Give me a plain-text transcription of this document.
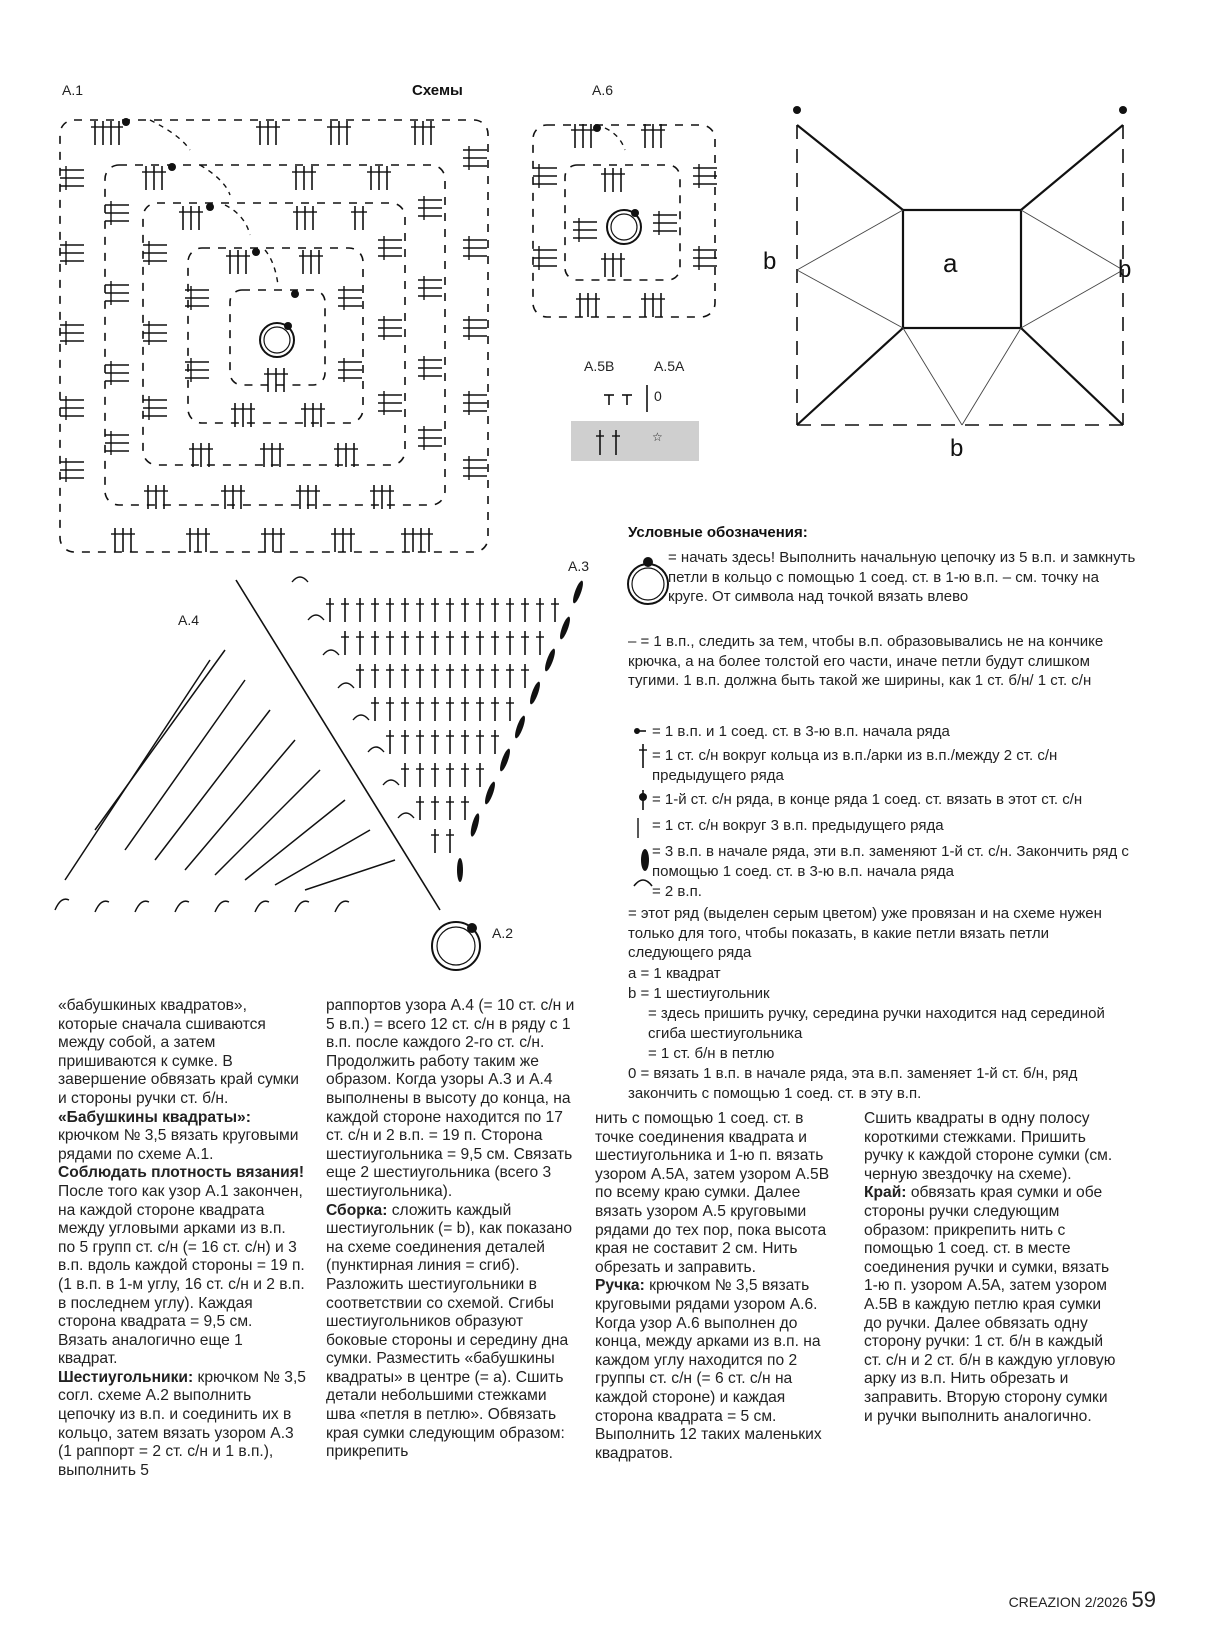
A.1	Схемы	A.6
A.5B	A.5A
0
☆
b	a	b
b
A.3
A.4
A.2
Условные обозначения:
= начать здесь! Выполнить начальную цепочку из 5 в.п. и замкнуть петли в кольцо с помощью 1 соед. ст. в 1-ю в.п. – см. точку на круге. От символа над точкой вязать влево
– = 1 в.п., следить за тем, чтобы в.п. образовывались не на кончике крючка, а на более толстой его части, иначе петли будут слишком тугими. 1 в.п. должна быть такой же ширины, как 1 ст. б/н/ 1 ст. с/н
= 1 в.п. и 1 соед. ст. в 3-ю в.п. начала ряда
= 1 ст. с/н вокруг кольца из в.п./арки из в.п./между 2 ст. с/н предыдущего ряда
= 1-й ст. с/н ряда, в конце ряда 1 соед. ст. вязать в этот ст. с/н
= 1 ст. с/н вокруг 3 в.п. предыдущего ряда
= 3 в.п. в начале ряда, эти в.п. заменяют 1-й ст. с/н. Закончить ряд с помощью 1 соед. ст. в 3-ю в.п. начала ряда
= 2 в.п.
= этот ряд (выделен серым цветом) уже провязан и на схеме нужен только для того, чтобы показать, в какие петли вязать петли следующего ряда
a = 1 квадрат
b = 1 шестиугольник
= здесь пришить ручку, середина ручки находится над серединой сгиба шестиугольника
= 1 ст. б/н в петлю
0 = вязать 1 в.п. в начале ряда, эта в.п. заменяет 1-й ст. б/н, ряд закончить с помощью 1 соед. ст. в эту в.п.

«бабушкиных квадратов», которые сначала сшиваются между собой, а затем пришиваются к сумке. В завершение обвязать край сумки и стороны ручки ст. б/н.

«Бабушкины квадраты»: крючком № 3,5 вязать круговыми рядами по схеме А.1.

Соблюдать плотность вязания!

После того как узор А.1 закончен, на каждой стороне квадрата между угловыми арками из в.п. по 5 групп ст. с/н (= 16 ст. с/н) и 3 в.п. вдоль каждой стороны = 19 п. (1 в.п. в 1-м углу, 16 ст. с/н и 2 в.п. в последнем углу). Каждая сторона квадрата = 9,5 см. Вязать аналогично еще 1 квадрат.

Шестиугольники: крючком № 3,5 согл. схеме А.2 выполнить цепочку из в.п. и соединить их в кольцо, затем вязать узором А.3 (1 раппорт = 2 ст. с/н и 1 в.п.), выполнить 5

раппортов узора А.4 (= 10 ст. с/н и 5 в.п.) = всего 12 ст. с/н в ряду с 1 в.п. после каждого 2-го ст. с/н. Продолжить работу таким же образом. Когда узоры А.3 и А.4 выполнены в высоту до конца, на каждой стороне находится по 17 ст. с/н и 2 в.п. = 19 п. Сторона шестиугольника = 9,5 см. Связать еще 2 шестиугольника (всего 3 шестиугольника).

Сборка: сложить каждый шестиугольник (= b), как показано на схеме соединения деталей (пунктирная линия = сгиб). Разложить шестиугольники в соответствии со схемой. Сгибы шестиугольников образуют боковые стороны и середину дна сумки. Разместить «бабушкины квадраты» в центре (= a). Сшить детали небольшими стежками шва «петля в петлю». Обвязать края сумки следующим образом: прикрепить

нить с помощью 1 соед. ст. в точке соединения квадрата и шестиугольника и 1-ю п. вязать узором А.5А, затем узором А.5В по всему краю сумки. Далее вязать узором А.5 круговыми рядами до тех пор, пока высота края не составит 2 см. Нить обрезать и заправить.

Ручка: крючком № 3,5 вязать круговыми рядами узором А.6. Когда узор А.6 выполнен до конца, между арками из в.п. на каждом углу находится по 2 группы ст. с/н (= 6 ст. с/н на каждой стороне) и каждая сторона квадрата = 5 см. Выполнить 12 таких маленьких квадратов.

Сшить квадраты в одну полосу короткими стежками. Пришить ручку к каждой стороне сумки (см. черную звездочку на схеме).

Край: обвязать края сумки и обе стороны ручки следующим образом: прикрепить нить с помощью 1 соед. ст. в месте соединения ручки и сумки, вязать 1-ю п. узором А.5А, затем узором А.5В в каждую петлю края сумки до ручки. Далее обвязать одну сторону ручки: 1 ст. б/н в каждый ст. с/н и 2 ст. б/н в каждую угловую арку из в.п. Нить обрезать и заправить. Вторую сторону сумки и ручки выполнить аналогично.

CREAZION 2/2026 59
